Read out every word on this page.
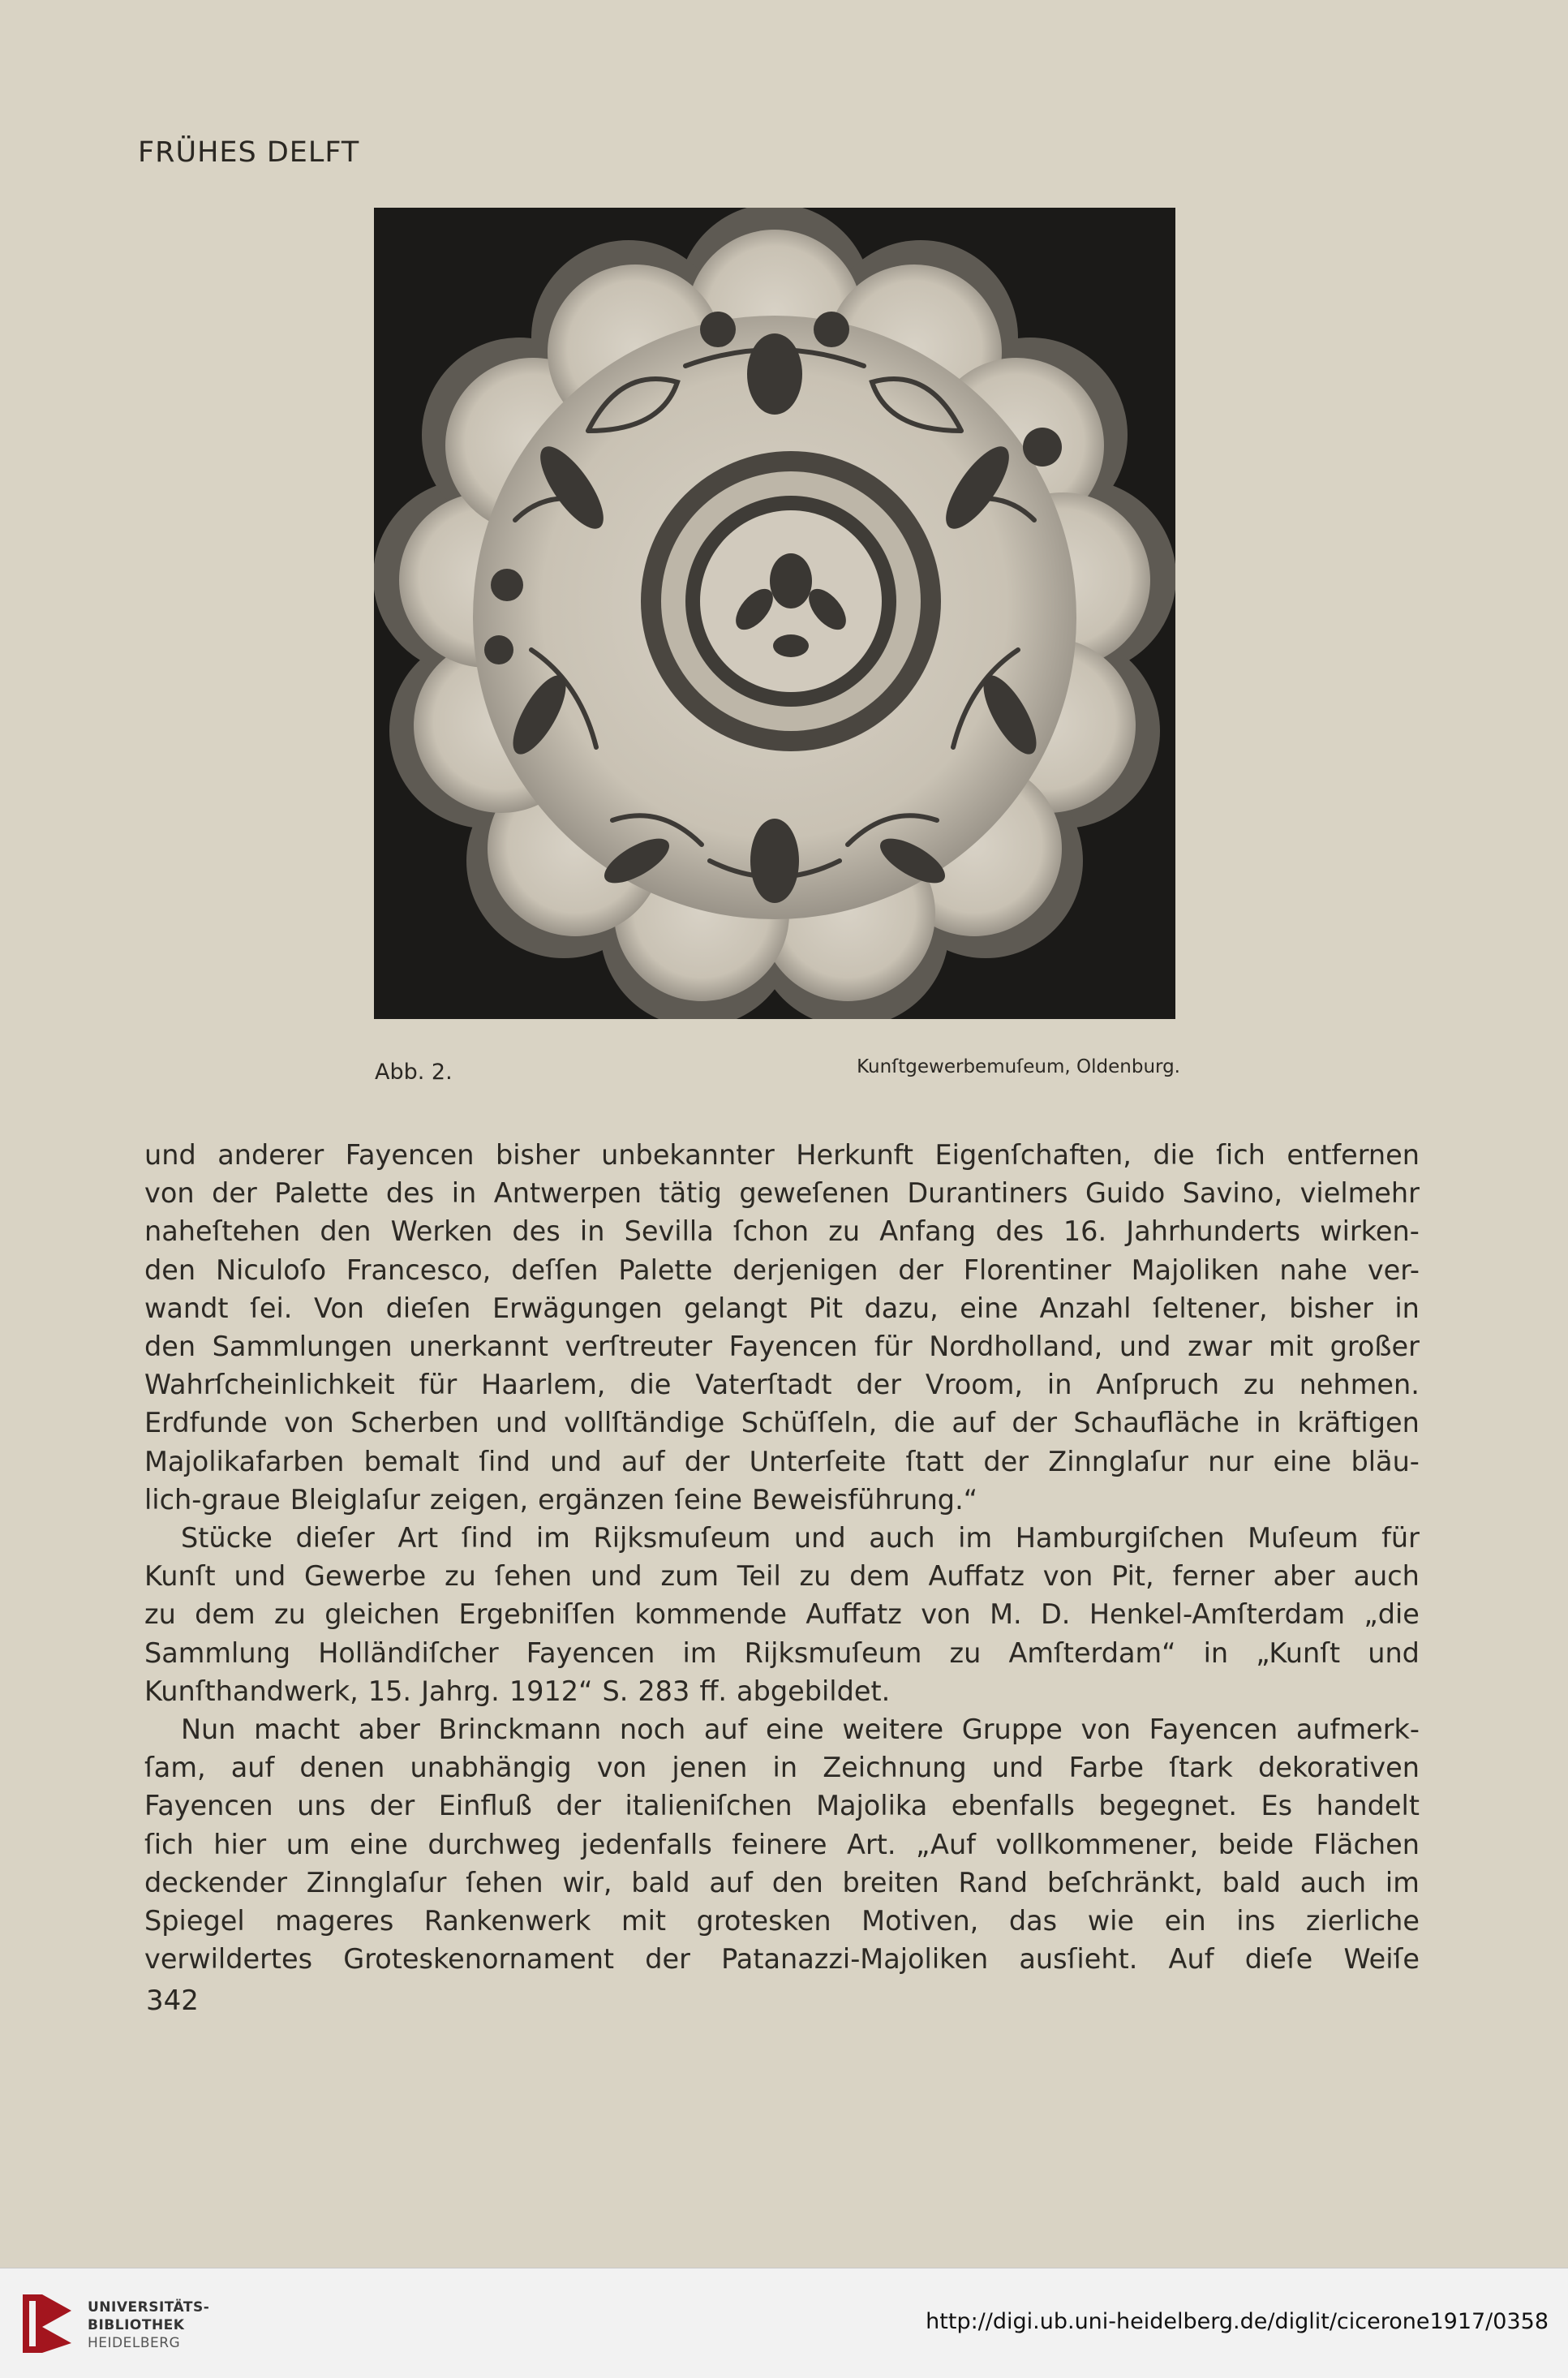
FRÜHES DELFT
Abb. 2.	Kunſtgewerbemuſeum, Oldenburg.
und anderer Fayencen bisher unbekannter Herkunft Eigenſchaften, die ſich entfernen
von der Palette des in Antwerpen tätig geweſenen Durantiners Guido Savino, vielmehr
naheſtehen den Werken des in Sevilla ſchon zu Anfang des 16. Jahrhunderts wirken-
den Niculoſo Francesco, deſſen Palette derjenigen der Florentiner Majoliken nahe ver-
wandt ſei. Von dieſen Erwägungen gelangt Pit dazu, eine Anzahl ſeltener, bisher in
den Sammlungen unerkannt verſtreuter Fayencen für Nordholland, und zwar mit großer
Wahrſcheinlichkeit für Haarlem, die Vaterſtadt der Vroom, in Anſpruch zu nehmen.
Erdfunde von Scherben und vollſtändige Schüſſeln, die auf der Schaufläche in kräftigen
Majolikafarben bemalt ſind und auf der Unterſeite ſtatt der Zinnglaſur nur eine bläu-
lich-graue Bleiglaſur zeigen, ergänzen ſeine Beweisführung.“
Stücke dieſer Art ſind im Rijksmuſeum und auch im Hamburgiſchen Muſeum für
Kunſt und Gewerbe zu ſehen und zum Teil zu dem Auffatz von Pit, ferner aber auch
zu dem zu gleichen Ergebniſſen kommende Auffatz von M. D. Henkel-Amſterdam „die
Sammlung Holländiſcher Fayencen im Rijksmuſeum zu Amſterdam“ in „Kunſt und
Kunſthandwerk, 15. Jahrg. 1912“ S. 283 ff. abgebildet.
Nun macht aber Brinckmann noch auf eine weitere Gruppe von Fayencen aufmerk-
ſam, auf denen unabhängig von jenen in Zeichnung und Farbe ſtark dekorativen
Fayencen uns der Einfluß der italieniſchen Majolika ebenfalls begegnet. Es handelt
ſich hier um eine durchweg jedenfalls feinere Art. „Auf vollkommener, beide Flächen
deckender Zinnglaſur ſehen wir, bald auf den breiten Rand beſchränkt, bald auch im
Spiegel mageres Rankenwerk mit grotesken Motiven, das wie ein ins zierliche
verwildertes Groteskenornament der Patanazzi-Majoliken ausſieht. Auf dieſe Weiſe
342
UNIVERSITÄTS-
BIBLIOTHEK
HEIDELBERG
http://digi.ub.uni-heidelberg.de/diglit/cicerone1917/0358
